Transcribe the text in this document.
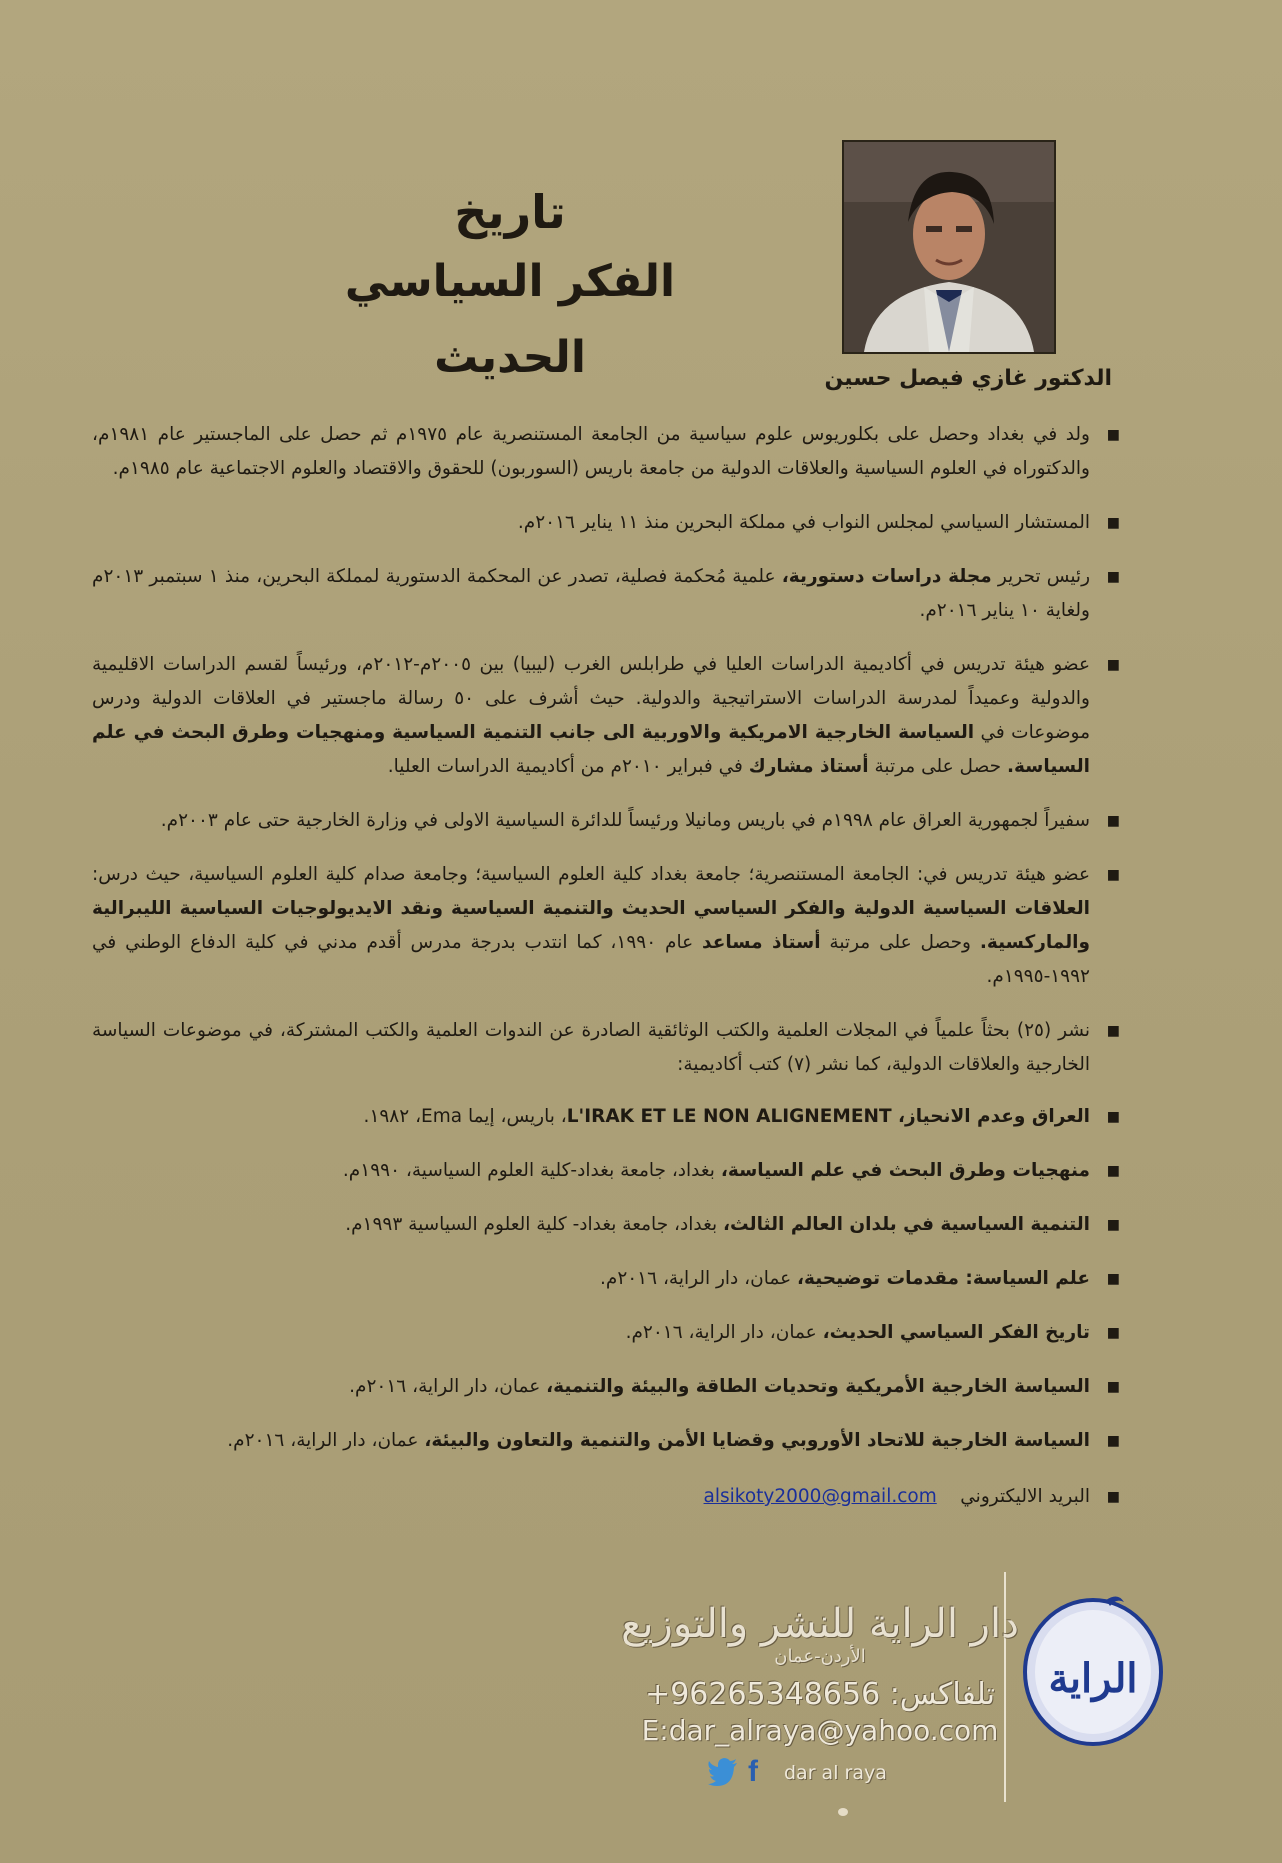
تاريخ
الفكر السياسي الحديث	الدكتور غازي فيصل حسين

■
ولد في بغداد وحصل على بكلوريوس علوم سياسية من الجامعة المستنصرية عام ١٩٧٥م ثم حصل على الماجستير عام ١٩٨١م، والدكتوراه في العلوم السياسية والعلاقات الدولية من جامعة باريس (السوربون) للحقوق والاقتصاد والعلوم الاجتماعية عام ١٩٨٥م.

■
المستشار السياسي لمجلس النواب في مملكة البحرين منذ ١١ يناير ٢٠١٦م.

■
رئيس تحرير مجلة دراسات دستورية، علمية مُحكمة فصلية، تصدر عن المحكمة الدستورية لمملكة البحرين، منذ ١ سبتمبر ٢٠١٣م ولغاية ١٠ يناير ٢٠١٦م.

■
عضو هيئة تدريس في أكاديمية الدراسات العليا في طرابلس الغرب (ليبيا) بين ٢٠٠٥م-٢٠١٢م، ورئيساً لقسم الدراسات الاقليمية والدولية وعميداً لمدرسة الدراسات الاستراتيجية والدولية. حيث أشرف على ٥٠ رسالة ماجستير في العلاقات الدولية ودرس موضوعات في السياسة الخارجية الامريكية والاوربية الى جانب التنمية السياسية ومنهجيات وطرق البحث في علم السياسة. حصل على مرتبة أستاذ مشارك في فبراير ٢٠١٠م من أكاديمية الدراسات العليا.

■
سفيراً لجمهورية العراق عام ١٩٩٨م في باريس ومانيلا ورئيساً للدائرة السياسية الاولى في وزارة الخارجية حتى عام ٢٠٠٣م.

■
عضو هيئة تدريس في: الجامعة المستنصرية؛ جامعة بغداد كلية العلوم السياسية؛ وجامعة صدام كلية العلوم السياسية، حيث درس: العلاقات السياسية الدولية والفكر السياسي الحديث والتنمية السياسية ونقد الايديولوجيات السياسية الليبرالية والماركسية. وحصل على مرتبة أستاذ مساعد عام ١٩٩٠، كما انتدب بدرجة مدرس أقدم مدني في كلية الدفاع الوطني في ١٩٩٢-١٩٩٥م.

■
نشر (٢٥) بحثاً علمياً في المجلات العلمية والكتب الوثائقية الصادرة عن الندوات العلمية والكتب المشتركة، في موضوعات السياسة الخارجية والعلاقات الدولية، كما نشر (٧) كتب أكاديمية:

■
العراق وعدم الانحياز، L'IRAK ET LE NON ALIGNEMENT، باريس، إيما Ema، ١٩٨٢.
■
منهجيات وطرق البحث في علم السياسة، بغداد، جامعة بغداد-كلية العلوم السياسية، ١٩٩٠م.
■
التنمية السياسية في بلدان العالم الثالث، بغداد، جامعة بغداد- كلية العلوم السياسية ١٩٩٣م.
■
علم السياسة: مقدمات توضيحية، عمان، دار الراية، ٢٠١٦م.
■
تاريخ الفكر السياسي الحديث، عمان، دار الراية، ٢٠١٦م.
■
السياسة الخارجية الأمريكية وتحديات الطاقة والبيئة والتنمية، عمان، دار الراية، ٢٠١٦م.
■
السياسة الخارجية للاتحاد الأوروبي وقضايا الأمن والتنمية والتعاون والبيئة، عمان، دار الراية، ٢٠١٦م.

■
البريد الاليكتروني    alsikoty2000@gmail.com

دار الراية للنشر والتوزيع
الأردن-عمان
تلفاكس: +96265348656
E:dar_alraya@yahoo.com
f	dar al raya
الراية
